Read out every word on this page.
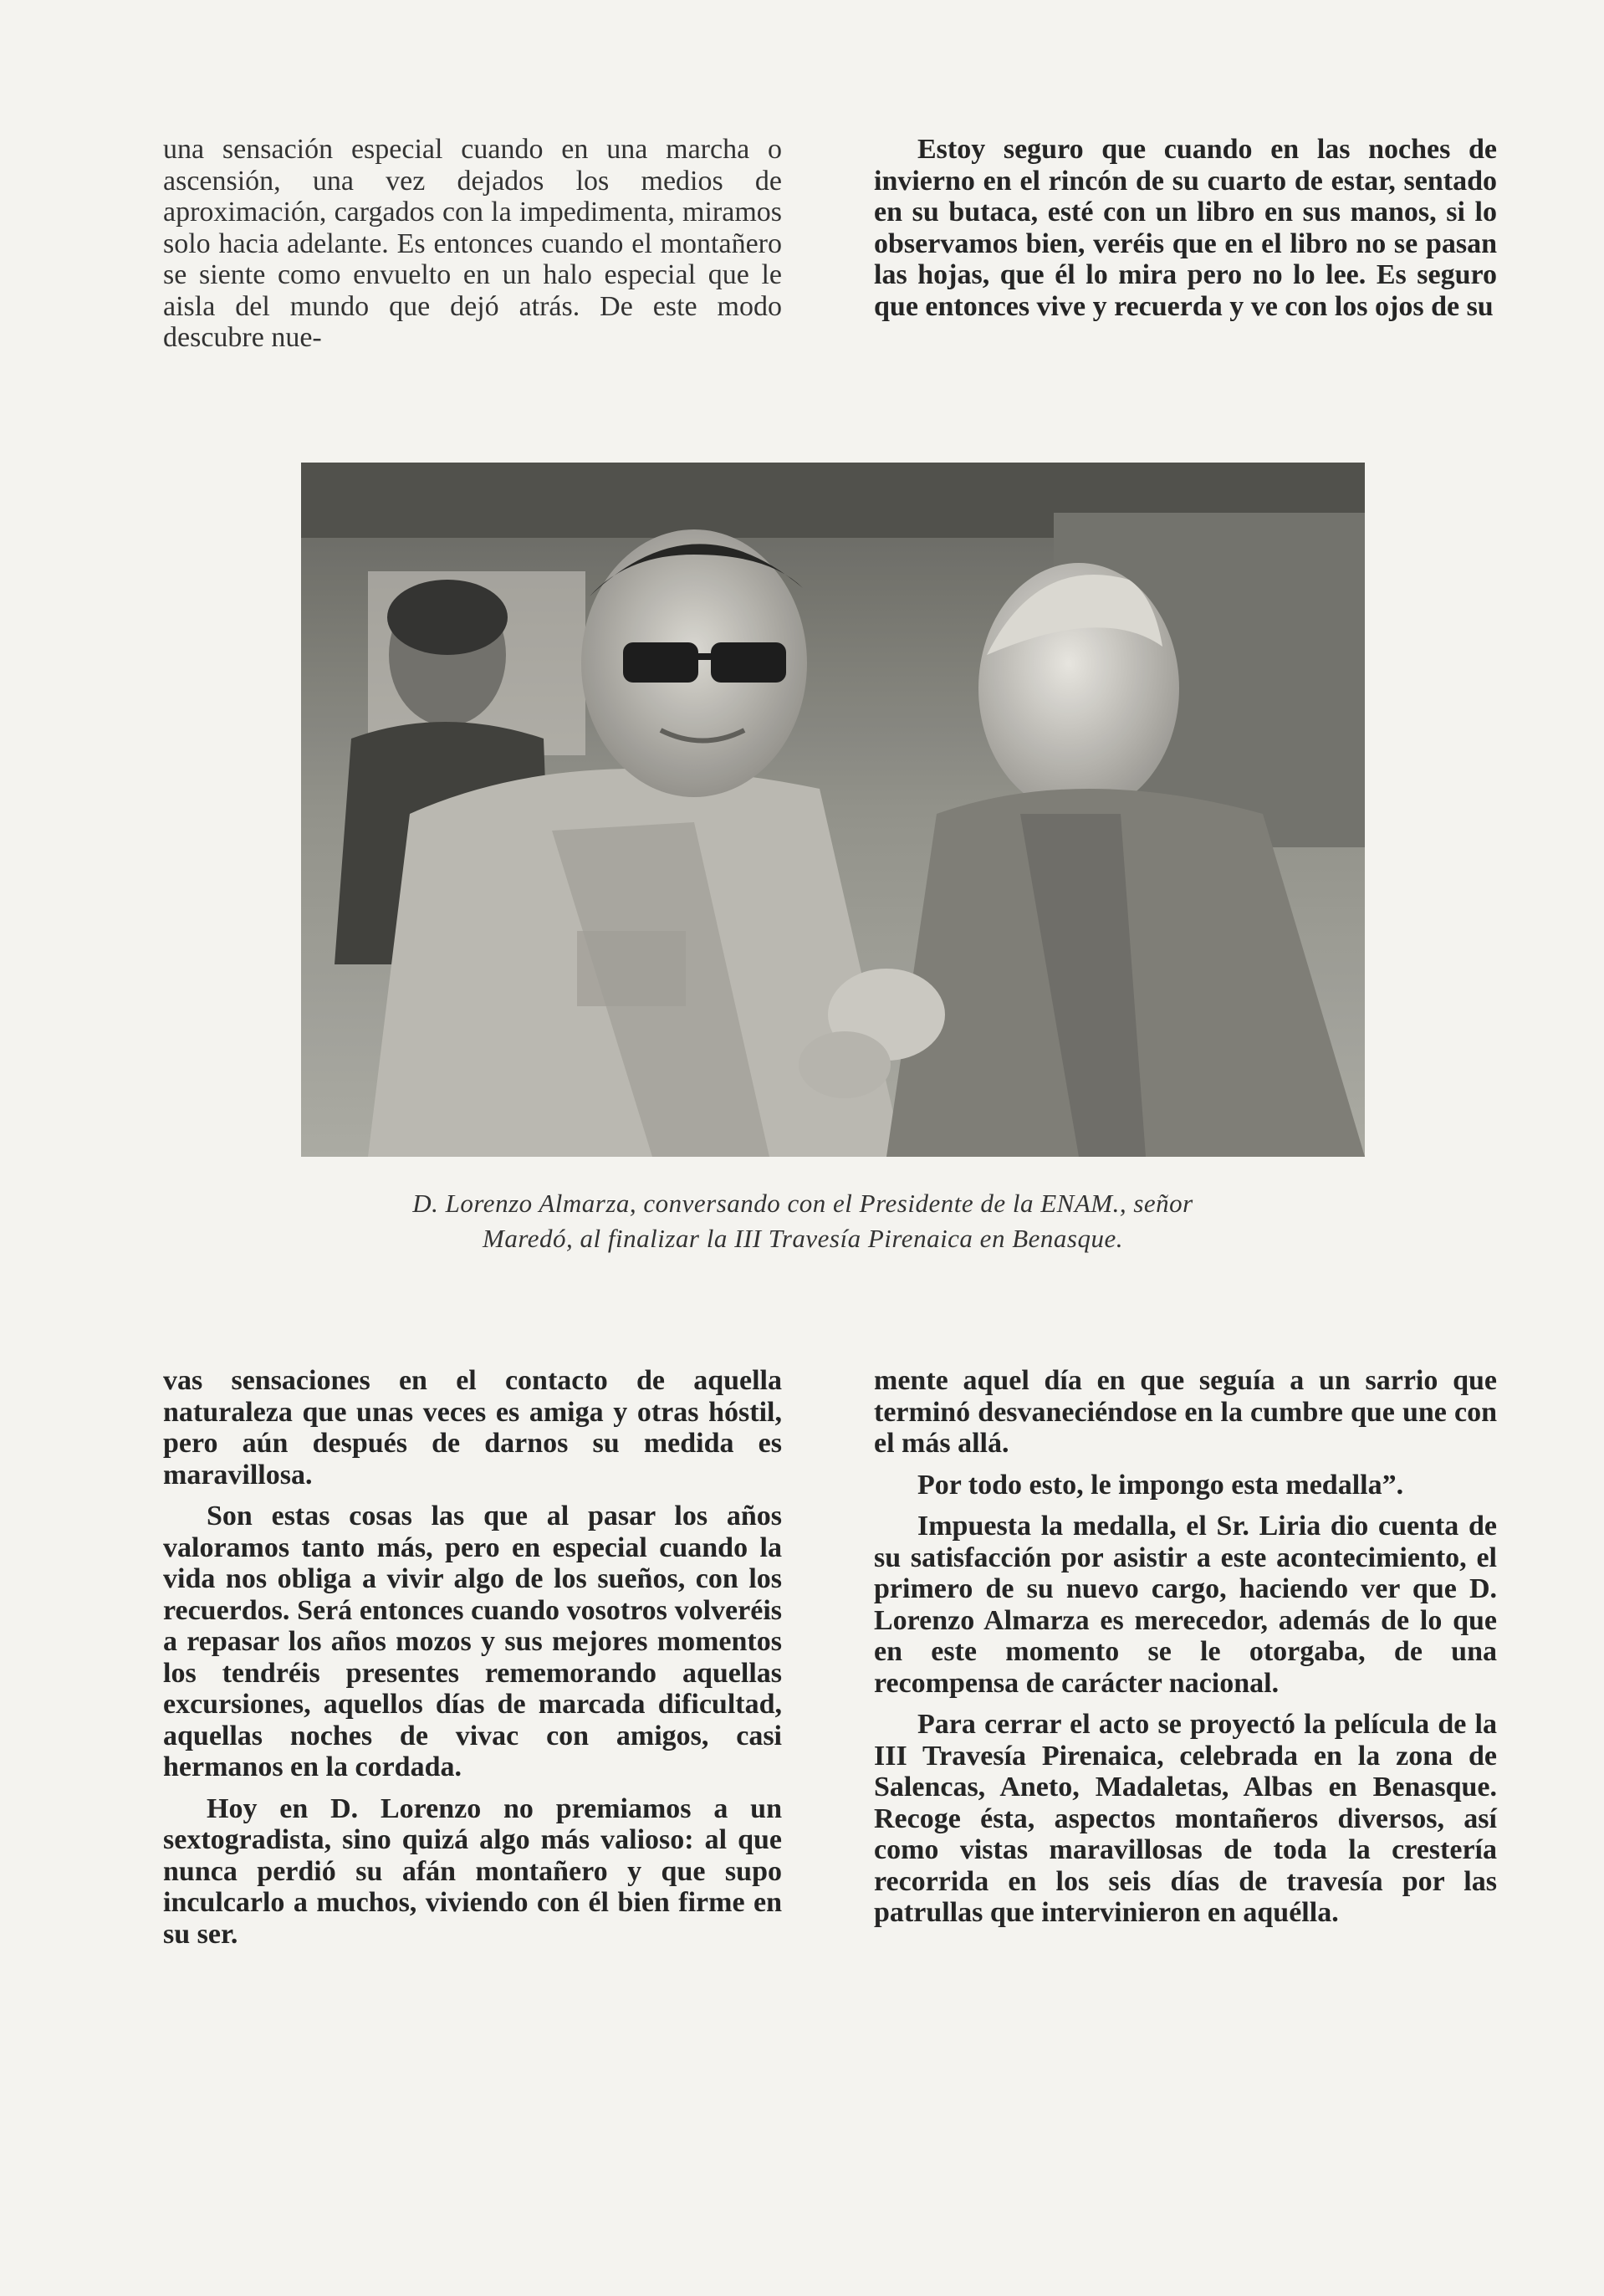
una sensación especial cuando en una marcha o ascensión, una vez dejados los medios de aproximación, cargados con la impedimenta, miramos solo hacia adelante. Es entonces cuando el montañero se siente como envuelto en un halo especial que le aisla del mundo que dejó atrás. De este modo descubre nue-

Estoy seguro que cuando en las noches de invierno en el rincón de su cuarto de estar, sentado en su butaca, esté con un libro en sus manos, si lo observamos bien, veréis que en el libro no se pasan las hojas, que él lo mira pero no lo lee. Es seguro que entonces vive y recuerda y ve con los ojos de su

D. Lorenzo Almarza, conversando con el Presidente de la ENAM., señor
Maredó, al finalizar la III Travesía Pirenaica en Benasque.

vas sensaciones en el contacto de aquella naturaleza que unas veces es amiga y otras hóstil, pero aún después de darnos su medida es maravillosa.

Son estas cosas las que al pasar los años valoramos tanto más, pero en especial cuando la vida nos obliga a vivir algo de los sueños, con los recuerdos. Será entonces cuando vosotros volveréis a repasar los años mozos y sus mejores momentos los tendréis presentes rememorando aquellas excursiones, aquellos días de marcada dificultad, aquellas noches de vivac con amigos, casi hermanos en la cordada.

Hoy en D. Lorenzo no premiamos a un sextogradista, sino quizá algo más valioso: al que nunca perdió su afán montañero y que supo inculcarlo a muchos, viviendo con él bien firme en su ser.

mente aquel día en que seguía a un sarrio que terminó desvaneciéndose en la cumbre que une con el más allá.

Por todo esto, le impongo esta medalla”.

Impuesta la medalla, el Sr. Liria dio cuenta de su satisfacción por asistir a este acontecimiento, el primero de su nuevo cargo, haciendo ver que D. Lorenzo Almarza es merecedor, además de lo que en este momento se le otorgaba, de una recompensa de carácter nacional.

Para cerrar el acto se proyectó la película de la III Travesía Pirenaica, celebrada en la zona de Salencas, Aneto, Madaletas, Albas en Benasque. Recoge ésta, aspectos montañeros diversos, así como vistas maravillosas de toda la crestería recorrida en los seis días de travesía por las patrullas que intervinieron en aquélla.
